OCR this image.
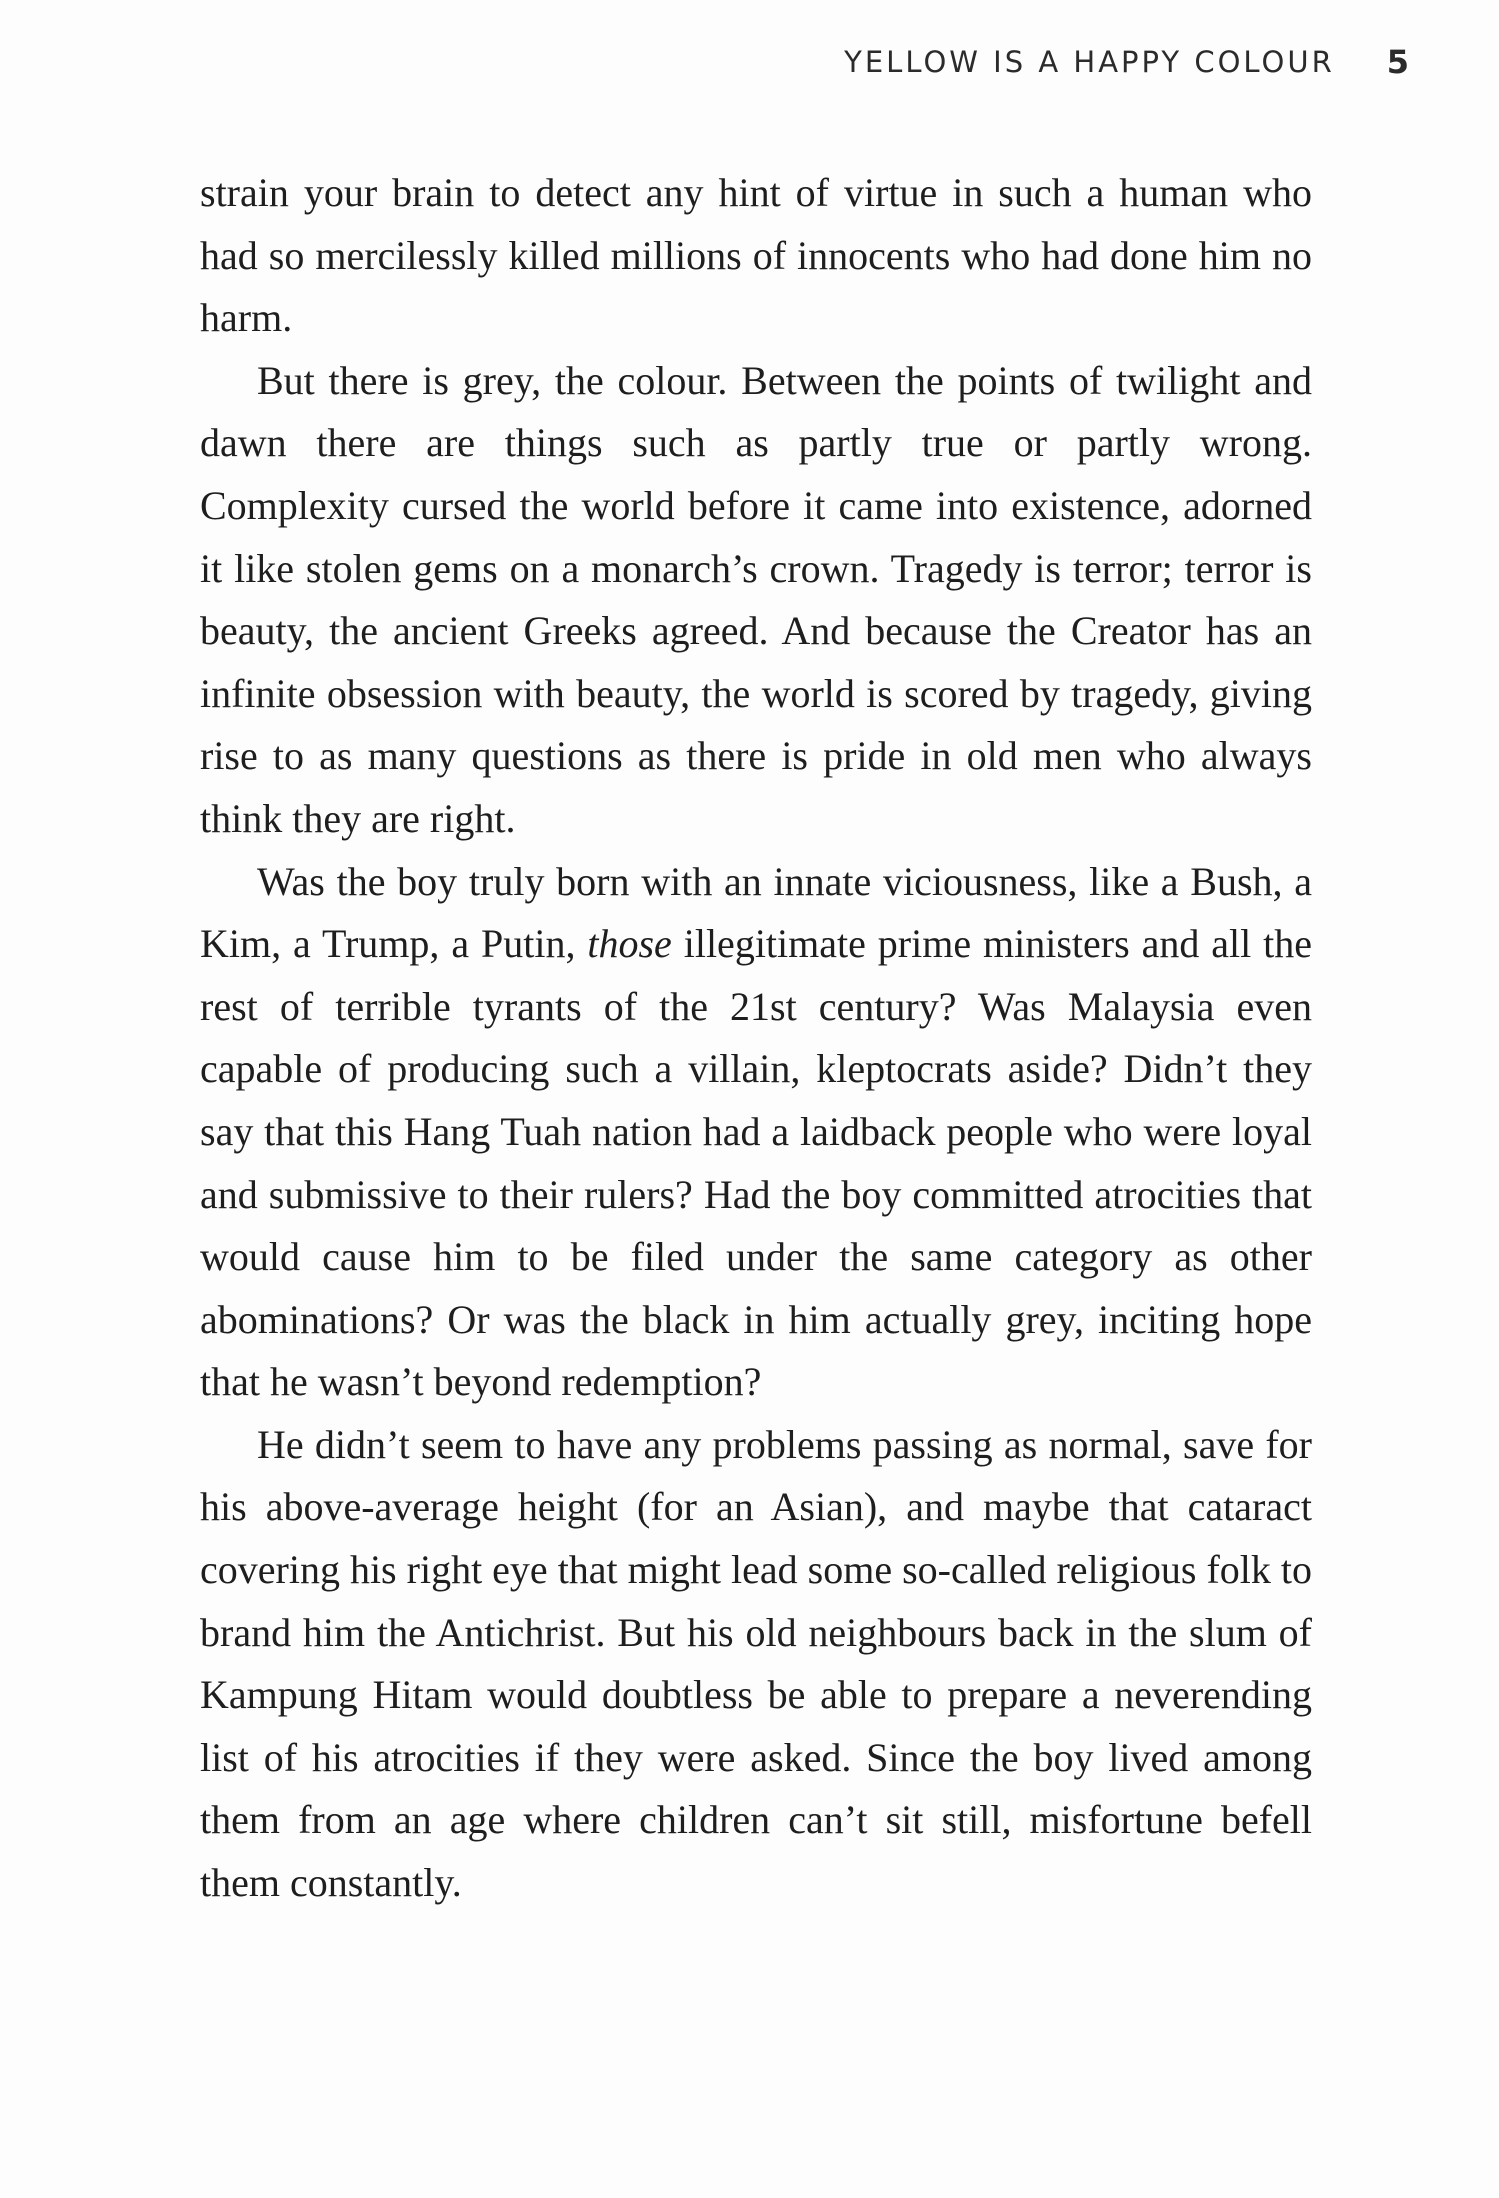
YELLOW IS A HAPPY COLOUR 5

strain your brain to detect any hint of virtue in such a human who had so mercilessly killed millions of innocents who had done him no harm.

But there is grey, the colour. Between the points of twilight and dawn there are things such as partly true or partly wrong. Complexity cursed the world before it came into existence, adorned it like stolen gems on a monarch’s crown. Tragedy is terror; terror is beauty, the ancient Greeks agreed. And because the Creator has an infinite obsession with beauty, the world is scored by tragedy, giving rise to as many questions as there is pride in old men who always think they are right.

Was the boy truly born with an innate viciousness, like a Bush, a Kim, a Trump, a Putin, those illegitimate prime ministers and all the rest of terrible tyrants of the 21st century? Was Malaysia even capable of producing such a villain, kleptocrats aside? Didn’t they say that this Hang Tuah nation had a laidback people who were loyal and submissive to their rulers? Had the boy committed atrocities that would cause him to be filed under the same category as other abominations? Or was the black in him actually grey, inciting hope that he wasn’t beyond redemption?

He didn’t seem to have any problems passing as normal, save for his above-average height (for an Asian), and maybe that cataract covering his right eye that might lead some so-called religious folk to brand him the Antichrist. But his old neighbours back in the slum of Kampung Hitam would doubtless be able to prepare a neverending list of his atrocities if they were asked. Since the boy lived among them from an age where children can’t sit still, misfortune befell them constantly.
